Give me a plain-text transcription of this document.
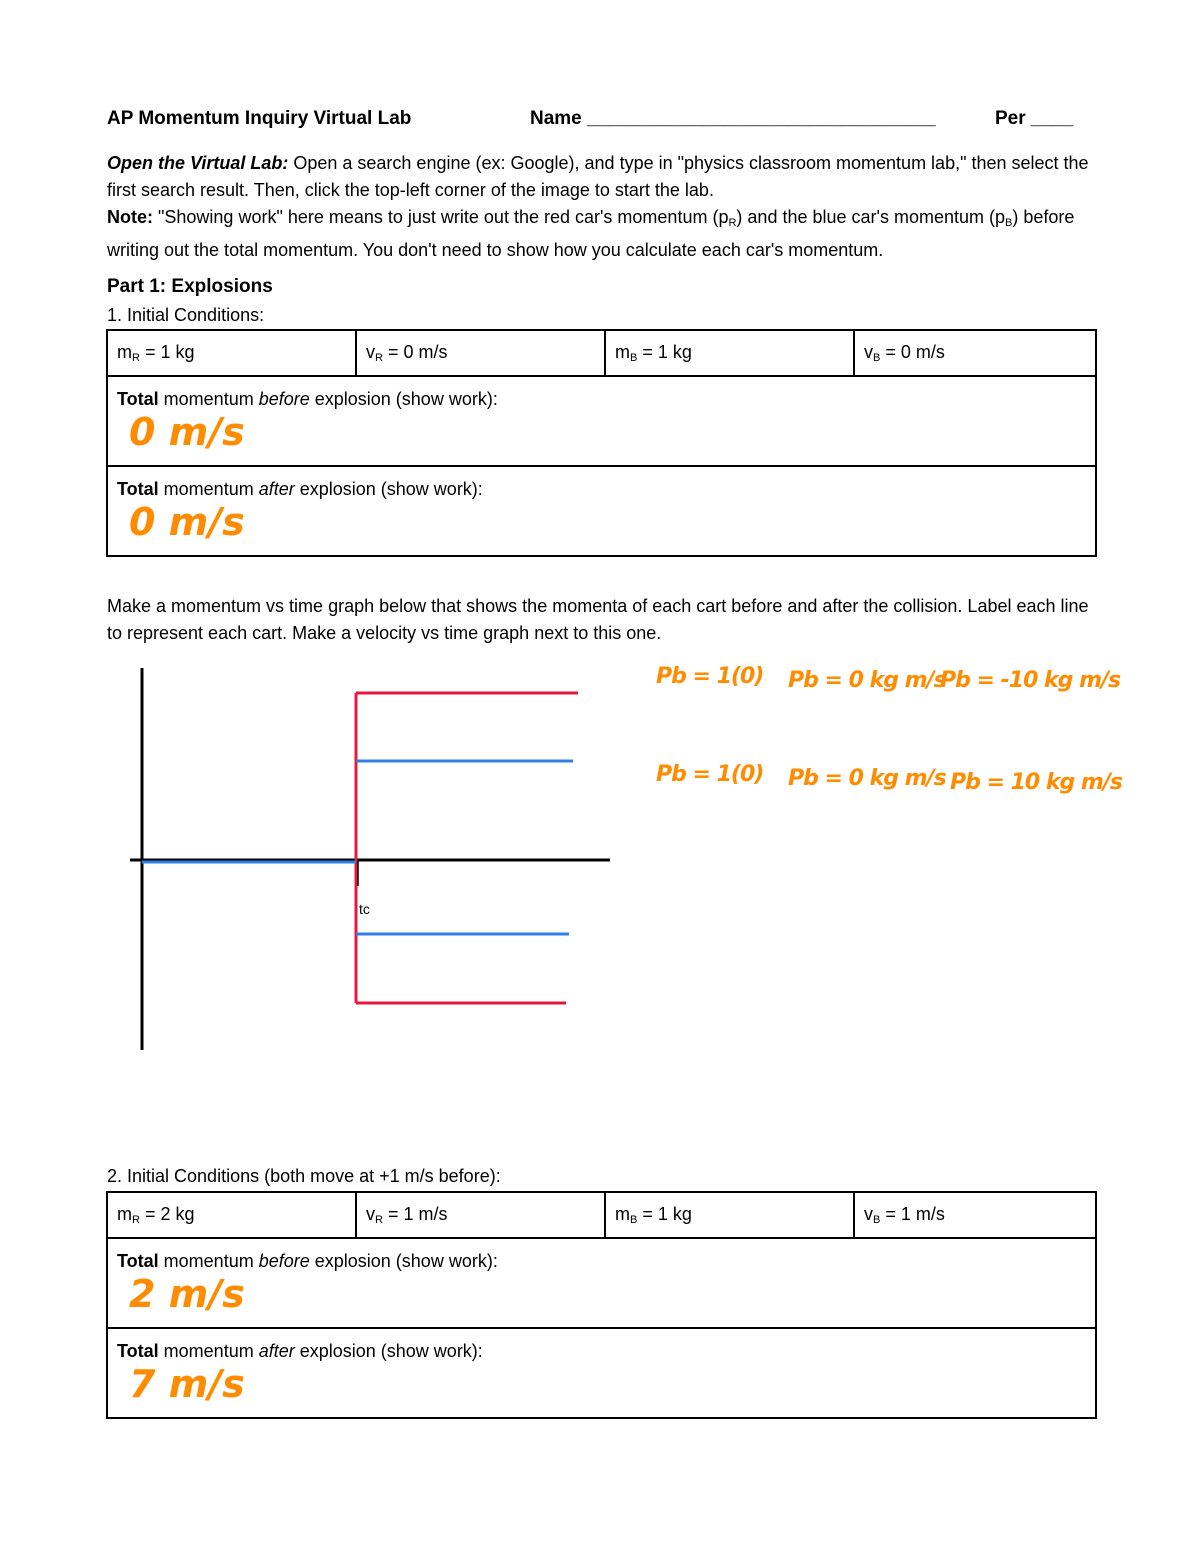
AP Momentum Inquiry Virtual Lab	Name _________________________________	Per ____
Open the Virtual Lab: Open a search engine (ex: Google), and type in "physics classroom momentum lab," then select the first search result. Then, click the top-left corner of the image to start the lab.
Note: "Showing work" here means to just write out the red car's momentum $(p_R)$ and the blue car's momentum $(p_B)$ before writing out the total momentum. You don't need to show how you calculate each car's momentum.
Part 1: Explosions
1. Initial Conditions:
$m_R = 1$ kg	$v_R = 0$ m/s	$m_B = 1$ kg	$v_B = 0$ m/s
Total momentum before explosion (show work):
0 m/s

Total momentum after explosion (show work):
0 m/s
Make a momentum vs time graph below that shows the momenta of each cart before and after the collision. Label each line to represent each cart. Make a velocity vs time graph next to this one.
tc
Pb = 1(0) Pb = 0 kg m/s
Pb = -10 kg m/s
Pb = 1(0) Pb = 0 kg m/s Pb = 10 kg m/s
2. Initial Conditions (both move at +1 m/s before):
$m_R = 2$ kg	$v_R = 1$ m/s	$m_B = 1$ kg	$v_B = 1$ m/s
Total momentum before explosion (show work):
2 m/s

Total momentum after explosion (show work):
7 m/s
